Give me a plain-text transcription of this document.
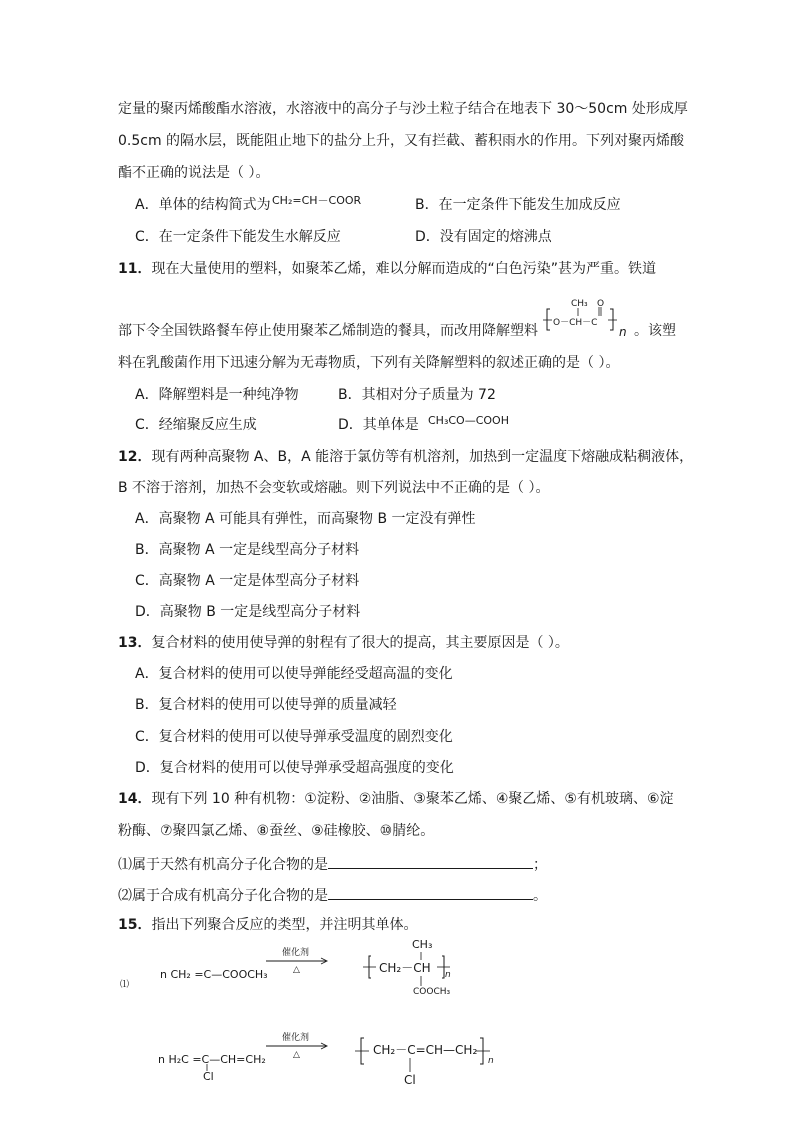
定量的聚丙烯酸酯水溶液，水溶液中的高分子与沙土粒子结合在地表下 30～50cm 处形成厚
0.5cm 的隔水层，既能阻止地下的盐分上升，又有拦截、蓄积雨水的作用。下列对聚丙烯酸
酯不正确的说法是（ ）。
A．单体的结构简式为 CH₂=CH－COOR	B．在一定条件下能发生加成反应
C．在一定条件下能发生水解反应	D．没有固定的熔沸点
11．现在大量使用的塑料，如聚苯乙烯，难以分解而造成的“白色污染”甚为严重。铁道
部下令全国铁路餐车停止使用聚苯乙烯制造的餐具，而改用降解塑料
CH₃ O
O－CH－C
n 。该塑
料在乳酸菌作用下迅速分解为无毒物质，下列有关降解塑料的叙述正确的是（ ）。
A．降解塑料是一种纯净物	B．其相对分子质量为 72
C．经缩聚反应生成	D．其单体是 CH₃CO—COOH
12．现有两种高聚物 A、B，A 能溶于氯仿等有机溶剂，加热到一定温度下熔融成粘稠液体，
B 不溶于溶剂，加热不会变软或熔融。则下列说法中不正确的是（ ）。
A．高聚物 A 可能具有弹性，而高聚物 B 一定没有弹性
B．高聚物 A 一定是线型高分子材料
C．高聚物 A 一定是体型高分子材料
D．高聚物 B 一定是线型高分子材料
13．复合材料的使用使导弹的射程有了很大的提高，其主要原因是（ ）。
A．复合材料的使用可以使导弹能经受超高温的变化
B．复合材料的使用可以使导弹的质量减轻
C．复合材料的使用可以使导弹承受温度的剧烈变化
D．复合材料的使用可以使导弹承受超高强度的变化
14．现有下列 10 种有机物：①淀粉、②油脂、③聚苯乙烯、④聚乙烯、⑤有机玻璃、⑥淀
粉酶、⑦聚四氯乙烯、⑧蚕丝、⑨硅橡胶、⑩腈纶。
⑴属于天然有机高分子化合物的是	；
⑵属于合成有机高分子化合物的是	。
15．指出下列聚合反应的类型，并注明其单体。
⑴
n CH₂ =C—COOCH₃
催化剂
△
CH₃
CH₂－CH
COOCH₃
n
n H₂C =C—CH=CH₂
Cl
催化剂
△	CH₂－C=CH—CH₂
Cl
n
